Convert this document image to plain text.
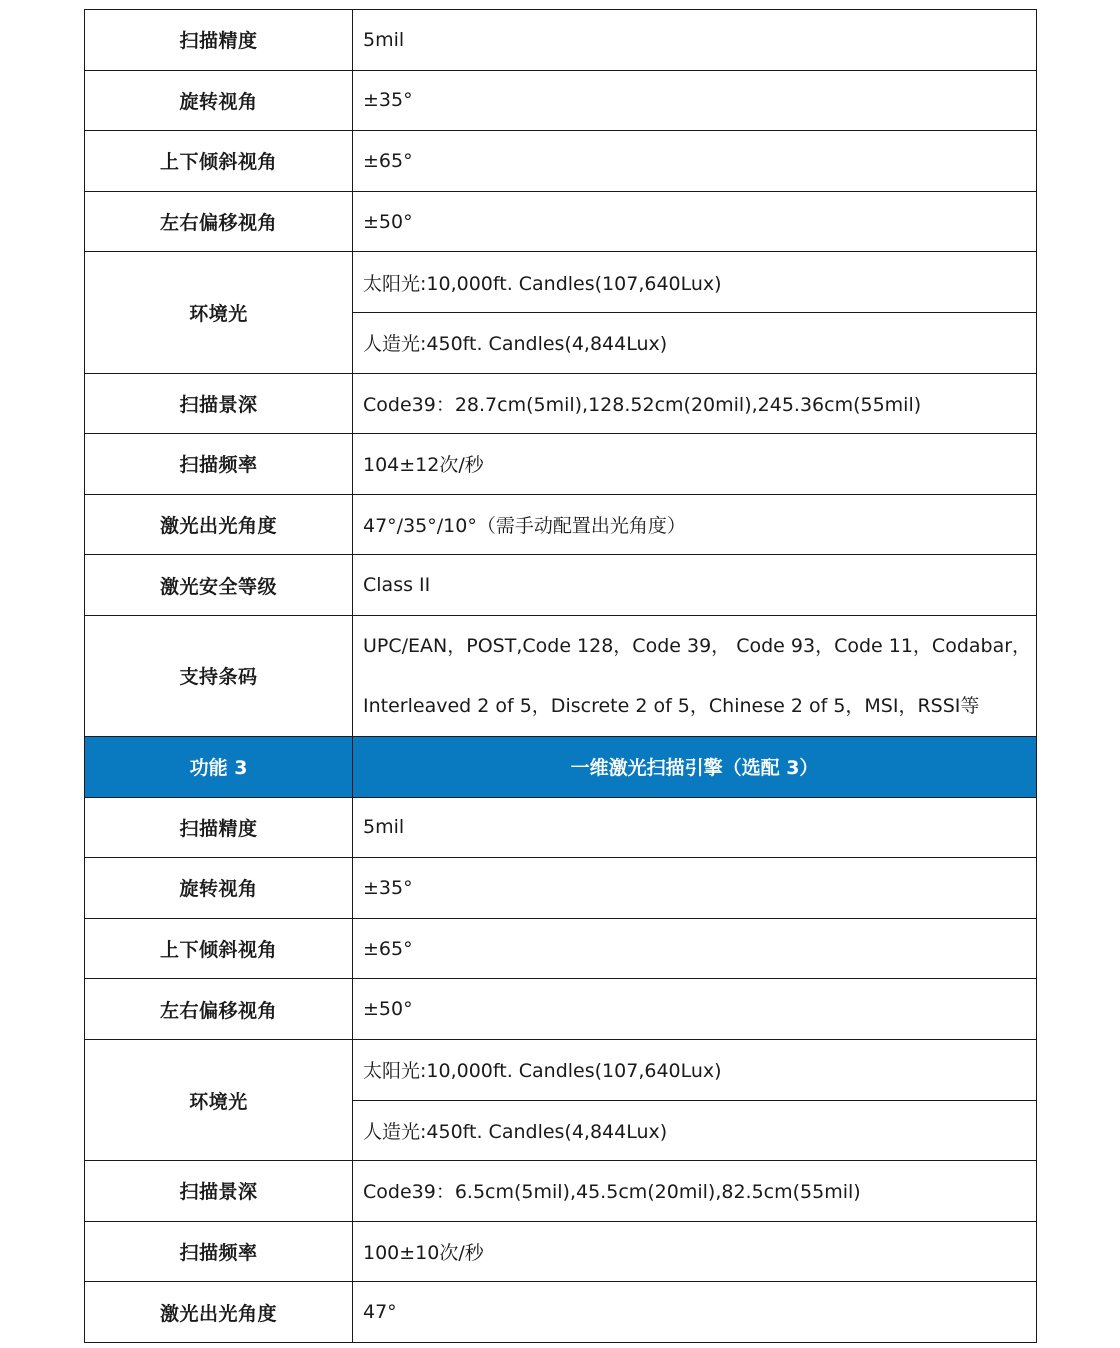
扫描精度	5mil
旋转视角	±35°
上下倾斜视角	±65°
左右偏移视角	±50°
环境光	太阳光:10,000ft. Candles(107,640Lux)
	人造光:450ft. Candles(4,844Lux)
扫描景深	Code39：28.7cm(5mil),128.52cm(20mil),245.36cm(55mil)
扫描频率	104±12次/秒
激光出光角度	47°/35°/10°（需手动配置出光角度）
激光安全等级	Class II
支持条码	UPC/EAN，POST,Code 128，Code 39， Code 93，Code 11，Codabar，
Interleaved 2 of 5，Discrete 2 of 5，Chinese 2 of 5，MSI，RSSI等

功能 3	一维激光扫描引擎（选配 3）
扫描精度	5mil
旋转视角	±35°
上下倾斜视角	±65°
左右偏移视角	±50°
环境光	太阳光:10,000ft. Candles(107,640Lux)
	人造光:450ft. Candles(4,844Lux)
扫描景深	Code39：6.5cm(5mil),45.5cm(20mil),82.5cm(55mil)
扫描频率	100±10次/秒
激光出光角度	47°
